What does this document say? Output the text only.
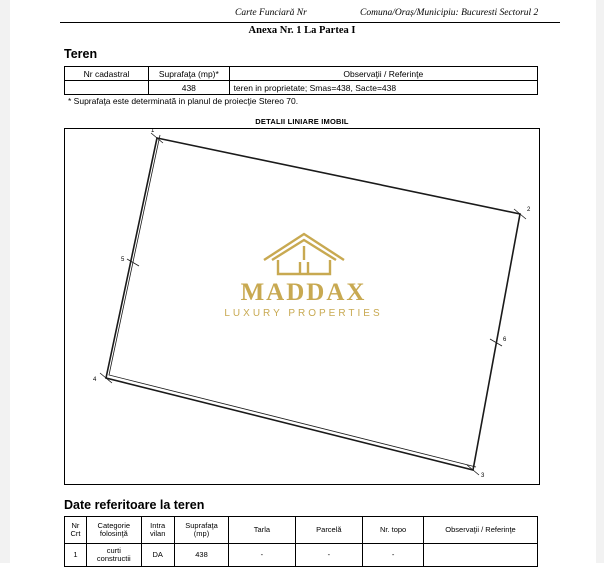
Carte Funciară Nr	Comuna/Oraș/Municipiu: Bucuresti Sectorul 2
Anexa Nr. 1 La Partea I
Teren
Nr cadastral	Suprafaţa (mp)*	Observaţii / Referinţe
	438	teren in proprietate; Smas=438, Sacte=438
* Suprafaţa este determinată in planul de proiecţie Stereo 70.
DETALII LINIARE IMOBIL
1
2
3
4
5
6
MADDAX
LUXURY PROPERTIES
Date referitoare la teren
Nr Crt	Categorie folosinţă	Intra vilan	Suprafaţa (mp)	Tarla	Parcelă	Nr. topo	Observaţii / Referinţe
1	curti constructii	DA	438	-	-	-	
